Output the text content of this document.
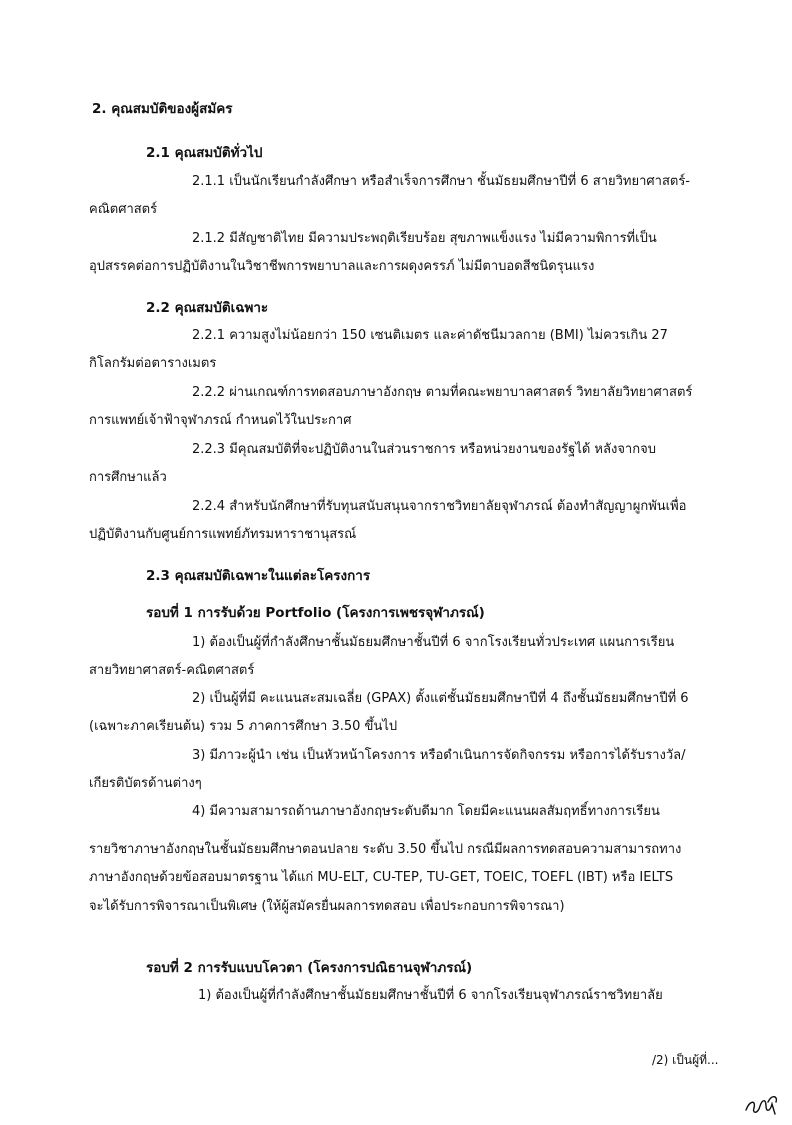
2. คุณสมบัติของผู้สมัคร
2.1 คุณสมบัติทั่วไป
2.1.1 เป็นนักเรียนกำลังศึกษา หรือสำเร็จการศึกษา ชั้นมัธยมศึกษาปีที่ 6 สายวิทยาศาสตร์-
คณิตศาสตร์
2.1.2 มีสัญชาติไทย มีความประพฤติเรียบร้อย สุขภาพแข็งแรง ไม่มีความพิการที่เป็น
อุปสรรคต่อการปฏิบัติงานในวิชาชีพการพยาบาลและการผดุงครรภ์ ไม่มีตาบอดสีชนิดรุนแรง
2.2 คุณสมบัติเฉพาะ
2.2.1 ความสูงไม่น้อยกว่า 150 เซนติเมตร และค่าดัชนีมวลกาย (BMI) ไม่ควรเกิน 27
กิโลกรัมต่อตารางเมตร
2.2.2 ผ่านเกณฑ์การทดสอบภาษาอังกฤษ ตามที่คณะพยาบาลศาสตร์ วิทยาลัยวิทยาศาสตร์
การแพทย์เจ้าฟ้าจุฬาภรณ์ กำหนดไว้ในประกาศ
2.2.3 มีคุณสมบัติที่จะปฏิบัติงานในส่วนราชการ หรือหน่วยงานของรัฐได้ หลังจากจบ
การศึกษาแล้ว
2.2.4 สำหรับนักศึกษาที่รับทุนสนับสนุนจากราชวิทยาลัยจุฬาภรณ์ ต้องทำสัญญาผูกพันเพื่อ
ปฏิบัติงานกับศูนย์การแพทย์ภัทรมหาราชานุสรณ์
2.3 คุณสมบัติเฉพาะในแต่ละโครงการ
รอบที่ 1 การรับด้วย Portfolio (โครงการเพชรจุฬาภรณ์)
1) ต้องเป็นผู้ที่กำลังศึกษาชั้นมัธยมศึกษาชั้นปีที่ 6 จากโรงเรียนทั่วประเทศ แผนการเรียน
สายวิทยาศาสตร์-คณิตศาสตร์
2) เป็นผู้ที่มี คะแนนสะสมเฉลี่ย (GPAX) ตั้งแต่ชั้นมัธยมศึกษาปีที่ 4 ถึงชั้นมัธยมศึกษาปีที่ 6
(เฉพาะภาคเรียนต้น) รวม 5 ภาคการศึกษา 3.50 ขึ้นไป
3) มีภาวะผู้นำ เช่น เป็นหัวหน้าโครงการ หรือดำเนินการจัดกิจกรรม หรือการได้รับรางวัล/
เกียรติบัตรด้านต่างๆ
4) มีความสามารถด้านภาษาอังกฤษระดับดีมาก โดยมีคะแนนผลสัมฤทธิ์ทางการเรียน
รายวิชาภาษาอังกฤษในชั้นมัธยมศึกษาตอนปลาย ระดับ 3.50 ขึ้นไป กรณีมีผลการทดสอบความสามารถทาง
ภาษาอังกฤษด้วยข้อสอบมาตรฐาน ได้แก่ MU-ELT, CU-TEP, TU-GET, TOEIC, TOEFL (IBT) หรือ IELTS
จะได้รับการพิจารณาเป็นพิเศษ (ให้ผู้สมัครยื่นผลการทดสอบ เพื่อประกอบการพิจารณา)
รอบที่ 2 การรับแบบโควตา (โครงการปณิธานจุฬาภรณ์)
1) ต้องเป็นผู้ที่กำลังศึกษาชั้นมัธยมศึกษาชั้นปีที่ 6 จากโรงเรียนจุฬาภรณ์ราชวิทยาลัย
/2) เป็นผู้ที่...
